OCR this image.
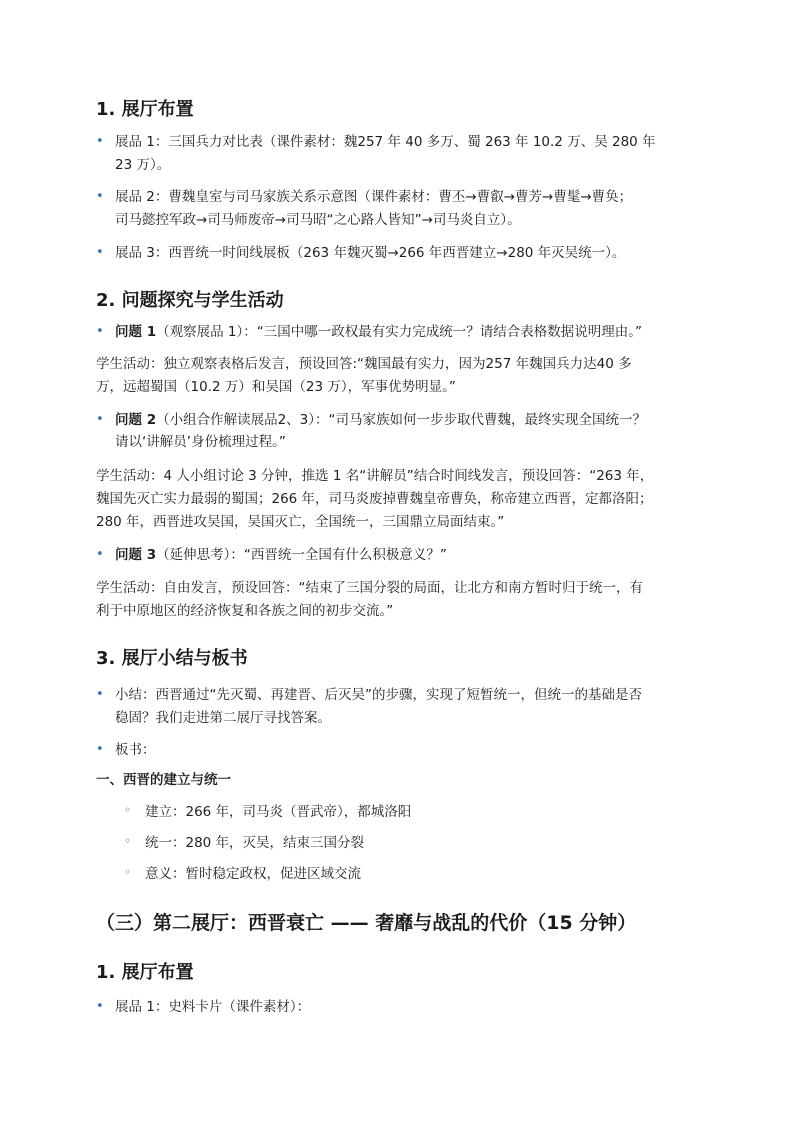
1. 展厅布置
• 展品 1：三国兵力对比表（课件素材：魏257 年 40 多万、蜀 263 年 10.2 万、吴 280 年
23 万）。
• 展品 2：曹魏皇室与司马家族关系示意图（课件素材：曹丕→曹叡→曹芳→曹髦→曹奂；
司马懿控军政→司马师废帝→司马昭“之心路人皆知”→司马炎自立）。
• 展品 3：西晋统一时间线展板（263 年魏灭蜀→266 年西晋建立→280 年灭吴统一）。
2. 问题探究与学生活动
• 问题 1（观察展品 1）：“三国中哪一政权最有实力完成统一？请结合表格数据说明理由。”
学生活动：独立观察表格后发言，预设回答:“魏国最有实力，因为257 年魏国兵力达40 多
万，远超蜀国（10.2 万）和吴国（23 万），军事优势明显。”
• 问题 2（小组合作解读展品2、3）：“司马家族如何一步步取代曹魏，最终实现全国统一？
请以‘讲解员’身份梳理过程。”
学生活动：4 人小组讨论 3 分钟，推选 1 名“讲解员”结合时间线发言，预设回答：“263 年，
魏国先灭亡实力最弱的蜀国；266 年，司马炎废掉曹魏皇帝曹奂，称帝建立西晋，定都洛阳；
280 年，西晋进攻吴国，吴国灭亡，全国统一，三国鼎立局面结束。”
• 问题 3（延伸思考）：“西晋统一全国有什么积极意义？”
学生活动：自由发言，预设回答：“结束了三国分裂的局面，让北方和南方暂时归于统一，有
利于中原地区的经济恢复和各族之间的初步交流。”
3. 展厅小结与板书
• 小结：西晋通过“先灭蜀、再建晋、后灭吴”的步骤，实现了短暂统一，但统一的基础是否
稳固？我们走进第二展厅寻找答案。
• 板书：
一、西晋的建立与统一
◦ 建立：266 年，司马炎（晋武帝），都城洛阳
◦ 统一：280 年，灭吴，结束三国分裂
◦ 意义：暂时稳定政权，促进区域交流
（三）第二展厅：西晋衰亡 —— 奢靡与战乱的代价（15 分钟）
1. 展厅布置
• 展品 1：史料卡片（课件素材）：
